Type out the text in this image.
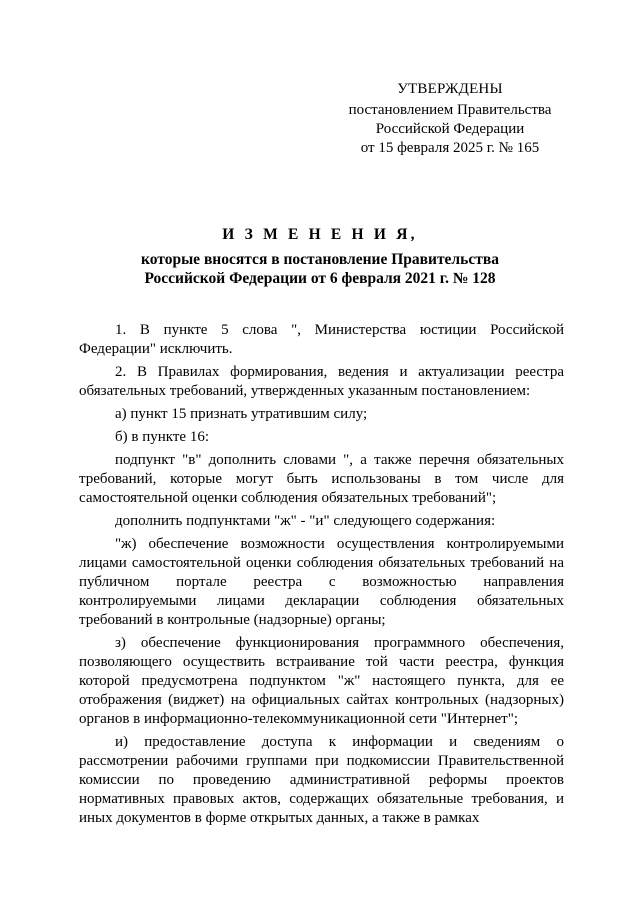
УТВЕРЖДЕНЫ
постановлением Правительства
Российской Федерации
от 15 февраля 2025 г. № 165
И З М Е Н Е Н И Я,
которые вносятся в постановление Правительства
Российской Федерации от 6 февраля 2021 г. № 128

1. В пункте 5 слова ", Министерства юстиции Российской Федерации" исключить.

2. В Правилах формирования, ведения и актуализации реестра обязательных требований, утвержденных указанным постановлением:

а) пункт 15 признать утратившим силу;

б) в пункте 16:

подпункт "в" дополнить словами ", а также перечня обязательных требований, которые могут быть использованы в том числе для самостоятельной оценки соблюдения обязательных требований";

дополнить подпунктами "ж" - "и" следующего содержания:

"ж) обеспечение возможности осуществления контролируемыми лицами самостоятельной оценки соблюдения обязательных требований на публичном портале реестра с возможностью направления контролируемыми лицами декларации соблюдения обязательных требований в контрольные (надзорные) органы;

з) обеспечение функционирования программного обеспечения, позволяющего осуществить встраивание той части реестра, функция которой предусмотрена подпунктом "ж" настоящего пункта, для ее отображения (виджет) на официальных сайтах контрольных (надзорных) органов в информационно-телекоммуникационной сети "Интернет";

и) предоставление доступа к информации и сведениям о рассмотрении рабочими группами при подкомиссии Правительственной комиссии по проведению административной реформы проектов нормативных правовых актов, содержащих обязательные требования, и иных документов в форме открытых данных, а также в рамках
